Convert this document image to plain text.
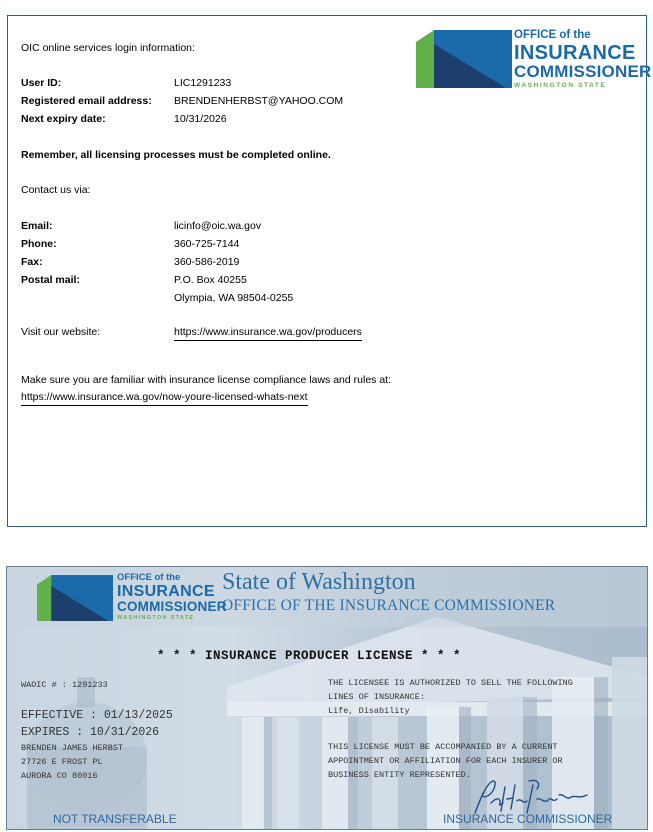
OFFICE of the
INSURANCE
COMMISSIONER
WASHINGTON STATE
OIC online services login information:
User ID:	LIC1291233
Registered email address: BRENDENHERBST@YAHOO.COM
Next expiry date:	10/31/2026
Remember, all licensing processes must be completed online.
Contact us via:
Email:	licinfo@oic.wa.gov
Phone:	360-725-7144
Fax:	360-586-2019
Postal mail:	P.O. Box 40255
Olympia, WA 98504-0255
Visit our website:	https://www.insurance.wa.gov/producers
Make sure you are familiar with insurance license compliance laws and rules at:
https://www.insurance.wa.gov/now-youre-licensed-whats-next
OFFICE of the
INSURANCE
COMMISSIONER
WASHINGTON STATE
State of Washington
OFFICE OF THE INSURANCE COMMISSIONER
* * * INSURANCE PRODUCER LICENSE * * *
WAOIC # : 1291233
EFFECTIVE : 01/13/2025
EXPIRES : 10/31/2026
BRENDEN JAMES HERBST
27726 E FROST PL
AURORA CO 80016
THE LICENSEE IS AUTHORIZED TO SELL THE FOLLOWING
LINES OF INSURANCE:
Life, Disability
THIS LICENSE MUST BE ACCOMPANIED BY A CURRENT
APPOINTMENT OR AFFILIATION FOR EACH INSURER OR
BUSINESS ENTITY REPRESENTED.
NOT TRANSFERABLE	INSURANCE COMMISSIONER
